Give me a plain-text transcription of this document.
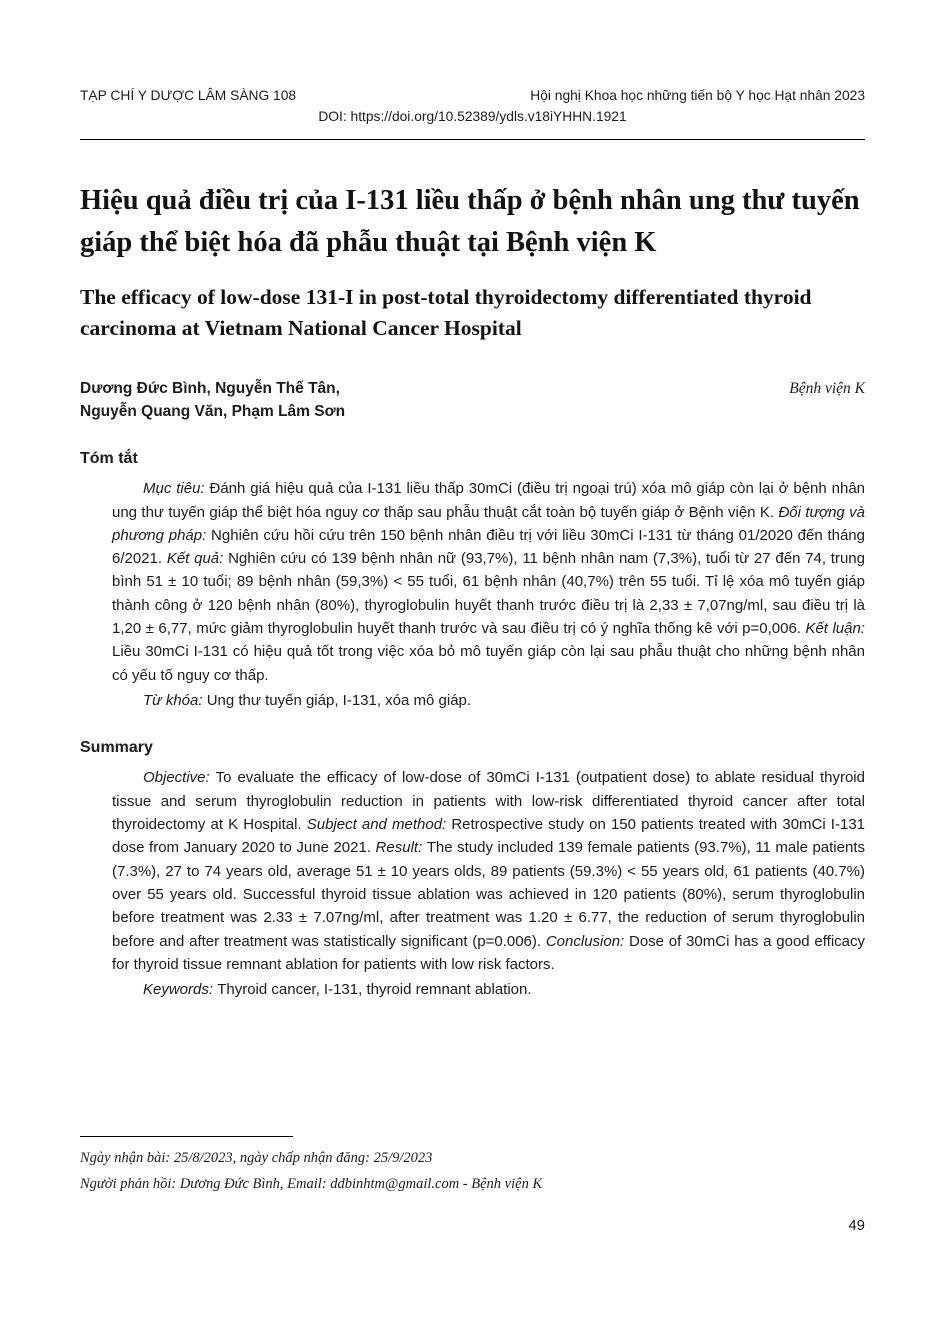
TẠP CHÍ Y DƯỢC LÂM SÀNG 108	Hội nghị Khoa học những tiến bộ Y học Hạt nhân 2023
DOI: https://doi.org/10.52389/ydls.v18iYHHN.1921
Hiệu quả điều trị của I-131 liều thấp ở bệnh nhân ung thư tuyến giáp thể biệt hóa đã phẫu thuật tại Bệnh viện K
The efficacy of low-dose 131-I in post-total thyroidectomy differentiated thyroid carcinoma at Vietnam National Cancer Hospital
Dương Đức Bình, Nguyễn Thế Tân,
Nguyễn Quang Văn, Phạm Lâm Sơn
Bệnh viện K
Tóm tắt

Mục tiêu: Đánh giá hiệu quả của I-131 liều thấp 30mCi (điều trị ngoại trú) xóa mô giáp còn lại ở bệnh nhân ung thư tuyến giáp thể biệt hóa nguy cơ thấp sau phẫu thuật cắt toàn bộ tuyến giáp ở Bệnh viện K. Đối tượng và phương pháp: Nghiên cứu hồi cứu trên 150 bệnh nhân điều trị với liều 30mCi I-131 từ tháng 01/2020 đến tháng 6/2021. Kết quả: Nghiên cứu có 139 bệnh nhân nữ (93,7%), 11 bệnh nhân nam (7,3%), tuổi từ 27 đến 74, trung bình 51 ± 10 tuổi; 89 bệnh nhân (59,3%) < 55 tuổi, 61 bệnh nhân (40,7%) trên 55 tuổi. Tỉ lệ xóa mô tuyến giáp thành công ở 120 bệnh nhân (80%), thyroglobulin huyết thanh trước điều trị là 2,33 ± 7,07ng/ml, sau điều trị là 1,20 ± 6,77, mức giảm thyroglobulin huyết thanh trước và sau điều trị có ý nghĩa thống kê với p=0,006. Kết luận: Liều 30mCi I-131 có hiệu quả tốt trong việc xóa bỏ mô tuyến giáp còn lại sau phẫu thuật cho những bệnh nhân có yếu tố nguy cơ thấp.

Từ khóa: Ung thư tuyến giáp, I-131, xóa mô giáp.

Summary

Objective: To evaluate the efficacy of low-dose of 30mCi I-131 (outpatient dose) to ablate residual thyroid tissue and serum thyroglobulin reduction in patients with low-risk differentiated thyroid cancer after total thyroidectomy at K Hospital. Subject and method: Retrospective study on 150 patients treated with 30mCi I-131 dose from January 2020 to June 2021. Result: The study included 139 female patients (93.7%), 11 male patients (7.3%), 27 to 74 years old, average 51 ± 10 years olds, 89 patients (59.3%) < 55 years old, 61 patients (40.7%) over 55 years old. Successful thyroid tissue ablation was achieved in 120 patients (80%), serum thyroglobulin before treatment was 2.33 ± 7.07ng/ml, after treatment was 1.20 ± 6.77, the reduction of serum thyroglobulin before and after treatment was statistically significant (p=0.006). Conclusion: Dose of 30mCi has a good efficacy for thyroid tissue remnant ablation for patients with low risk factors.

Keywords: Thyroid cancer, I-131, thyroid remnant ablation.

Ngày nhận bài: 25/8/2023, ngày chấp nhận đăng: 25/9/2023
Người phản hồi: Dương Đức Bình, Email: ddbinhtm@gmail.com - Bệnh viện K
49
